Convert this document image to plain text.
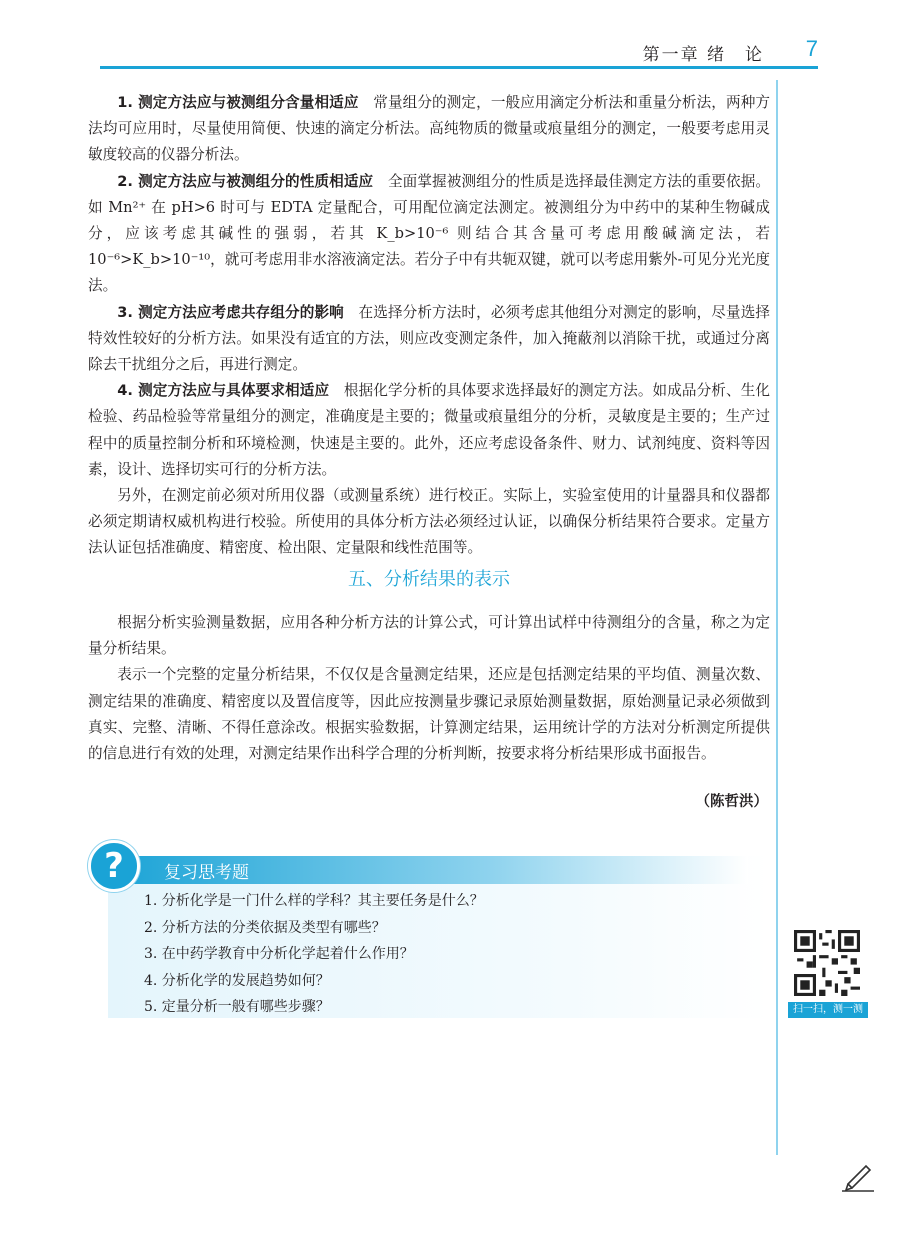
第一章 绪　论 7

1. 测定方法应与被测组分含量相适应　 常量组分的测定，一般应用滴定分析法和重量分析法，两种方法均可应用时，尽量使用简便、快速的滴定分析法。高纯物质的微量或痕量组分的测定，一般要考虑用灵敏度较高的仪器分析法。

2. 测定方法应与被测组分的性质相适应　 全面掌握被测组分的性质是选择最佳测定方法的重要依据。如 Mn²⁺ 在 pH>6 时可与 EDTA 定量配合，可用配位滴定法测定。被测组分为中药中的某种生物碱成分，应该考虑其碱性的强弱，若其 K_b>10⁻⁶ 则结合其含量可考虑用酸碱滴定法，若 10⁻⁶>K_b>10⁻¹⁰，就可考虑用非水溶液滴定法。若分子中有共轭双键，就可以考虑用紫外-可见分光光度法。

3. 测定方法应考虑共存组分的影响　 在选择分析方法时，必须考虑其他组分对测定的影响，尽量选择特效性较好的分析方法。如果没有适宜的方法，则应改变测定条件，加入掩蔽剂以消除干扰，或通过分离除去干扰组分之后，再进行测定。

4. 测定方法应与具体要求相适应　 根据化学分析的具体要求选择最好的测定方法。如成品分析、生化检验、药品检验等常量组分的测定，准确度是主要的；微量或痕量组分的分析，灵敏度是主要的；生产过程中的质量控制分析和环境检测，快速是主要的。此外，还应考虑设备条件、财力、试剂纯度、资料等因素，设计、选择切实可行的分析方法。

另外，在测定前必须对所用仪器（或测量系统）进行校正。实际上，实验室使用的计量器具和仪器都必须定期请权威机构进行校验。所使用的具体分析方法必须经过认证，以确保分析结果符合要求。定量方法认证包括准确度、精密度、检出限、定量限和线性范围等。

五、分析结果的表示

根据分析实验测量数据，应用各种分析方法的计算公式，可计算出试样中待测组分的含量，称之为定量分析结果。

表示一个完整的定量分析结果，不仅仅是含量测定结果，还应是包括测定结果的平均值、测量次数、测定结果的准确度、精密度以及置信度等，因此应按测量步骤记录原始测量数据，原始测量记录必须做到真实、完整、清晰、不得任意涂改。根据实验数据，计算测定结果，运用统计学的方法对分析测定所提供的信息进行有效的处理，对测定结果作出科学合理的分析判断，按要求将分析结果形成书面报告。

（陈哲洪）
复习思考题
1. 分析化学是一门什么样的学科？其主要任务是什么？
2. 分析方法的分类依据及类型有哪些？
3. 在中药学教育中分析化学起着什么作用？
4. 分析化学的发展趋势如何？
5. 定量分析一般有哪些步骤？
?
扫一扫，测一测
